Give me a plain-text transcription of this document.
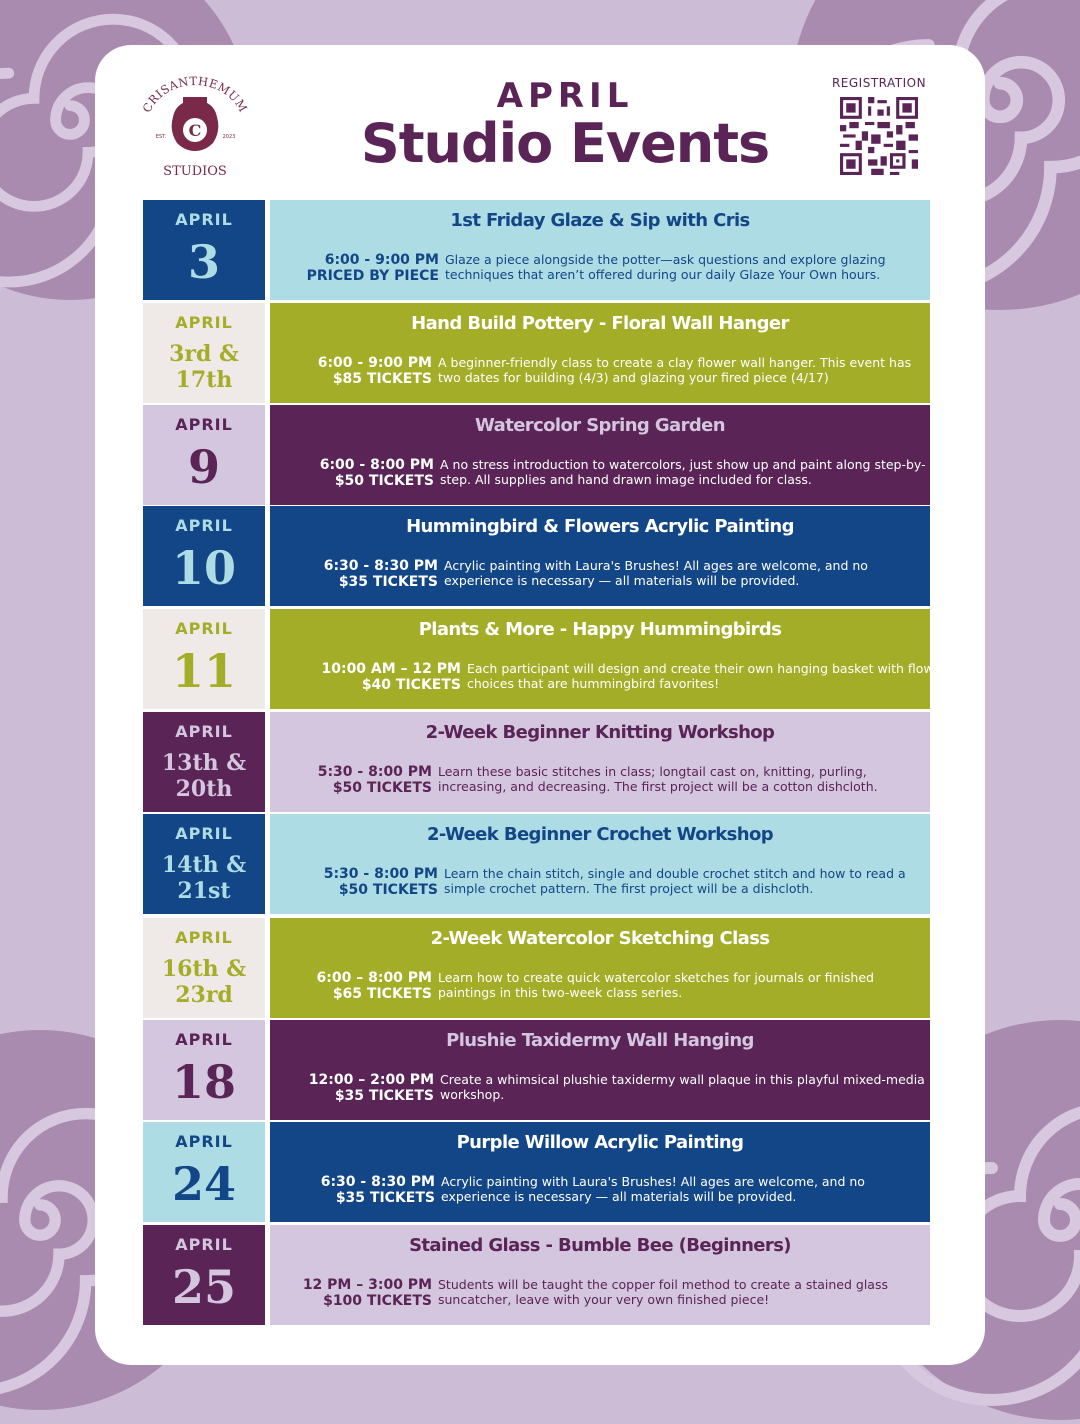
CRISANTHEMUM
C
EST.	2023
STUDIOS
APRIL
Studio Events
REGISTRATION
APRIL
3
1st Friday Glaze & Sip with Cris
6:00 - 9:00 PM
PRICED BY PIECE
Glaze a piece alongside the potter—ask questions and explore glazing techniques that aren’t offered during our daily Glaze Your Own hours.
APRIL
3rd &
17th
Hand Build Pottery - Floral Wall Hanger
6:00 - 9:00 PM
$85 TICKETS
A beginner-friendly class to create a clay flower wall hanger. This event has two dates for building (4/3) and glazing your fired piece (4/17)
APRIL
9
Watercolor Spring Garden
6:00 - 8:00 PM
$50 TICKETS
A no stress introduction to watercolors, just show up and paint along step-by-step. All supplies and hand drawn image included for class.
APRIL
10
Hummingbird & Flowers Acrylic Painting
6:30 - 8:30 PM
$35 TICKETS
Acrylic painting with Laura's Brushes! All ages are welcome, and no experience is necessary — all materials will be provided.
APRIL
11
Plants & More - Happy Hummingbirds
10:00 AM – 12 PM
$40 TICKETS
Each participant will design and create their own hanging basket with flower choices that are hummingbird favorites!
APRIL
13th &
20th
2-Week Beginner Knitting Workshop
5:30 - 8:00 PM
$50 TICKETS
Learn these basic stitches in class; longtail cast on, knitting, purling, increasing, and decreasing. The first project will be a cotton dishcloth.
APRIL
14th &
21st
2-Week Beginner Crochet Workshop
5:30 - 8:00 PM
$50 TICKETS
Learn the chain stitch, single and double crochet stitch and how to read a simple crochet pattern. The first project will be a dishcloth.
APRIL
16th &
23rd
2-Week Watercolor Sketching Class
6:00 – 8:00 PM
$65 TICKETS
Learn how to create quick watercolor sketches for journals or finished paintings in this two-week class series.
APRIL
18
Plushie Taxidermy Wall Hanging
12:00 – 2:00 PM
$35 TICKETS
Create a whimsical plushie taxidermy wall plaque in this playful mixed-media workshop.
APRIL
24
Purple Willow Acrylic Painting
6:30 - 8:30 PM
$35 TICKETS
Acrylic painting with Laura's Brushes! All ages are welcome, and no experience is necessary — all materials will be provided.
APRIL
25
Stained Glass - Bumble Bee (Beginners)
12 PM – 3:00 PM
$100 TICKETS
Students will be taught the copper foil method to create a stained glass suncatcher, leave with your very own finished piece!
